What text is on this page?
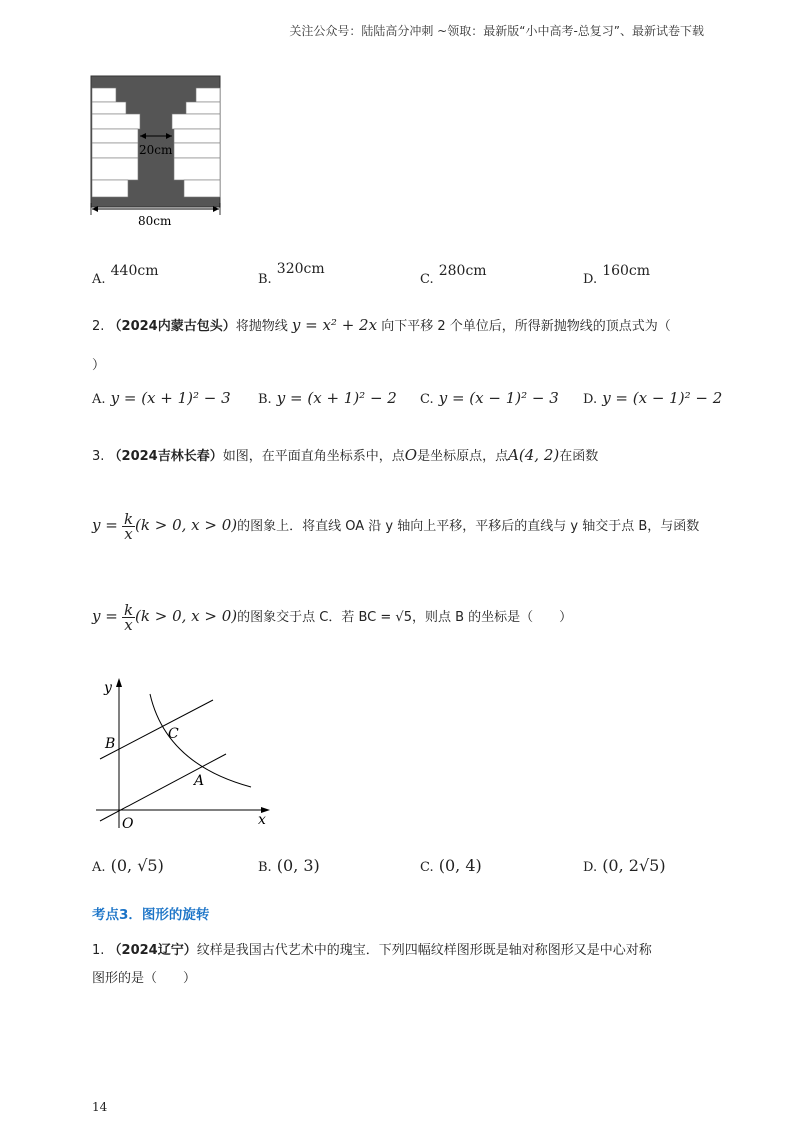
关注公众号：陆陆高分冲刺 ~领取：最新版“小中高考-总复习”、最新试卷下载
20cm
80cm
$_{A.}$ 440cm
$_{B.}$ 320cm
$_{C.}$ 280cm
$_{D.}$ 160cm
2. （2024内蒙古包头）将抛物线 y = x² + 2x 向下平移 2 个单位后，所得新抛物线的顶点式为（
）
A. y = (x + 1)² − 3 B. y = (x + 1)² − 2 C. y = (x − 1)² − 3 D. y = (x − 1)² − 2
3. （2024吉林长春）如图，在平面直角坐标系中，点O是坐标原点，点A(4, 2)在函数
$y = \frac{k}{x} (k > 0$, x > 0)的图象上．将直线 OA 沿 y 轴向上平移，平移后的直线与 y 轴交于点 B，与函数
$y = \frac{k}{x} (k > 0$, x > 0)的图象交于点 C．若 BC = √5，则点 B 的坐标是（　　）
y
x
O
A
B
C
A. (0, √5)	B. (0, 3)	C. (0, 4)	D. (0, 2√5)
考点3．图形的旋转
1. （2024辽宁）纹样是我国古代艺术中的瑰宝．下列四幅纹样图形既是轴对称图形又是中心对称
图形的是（　　）
14
